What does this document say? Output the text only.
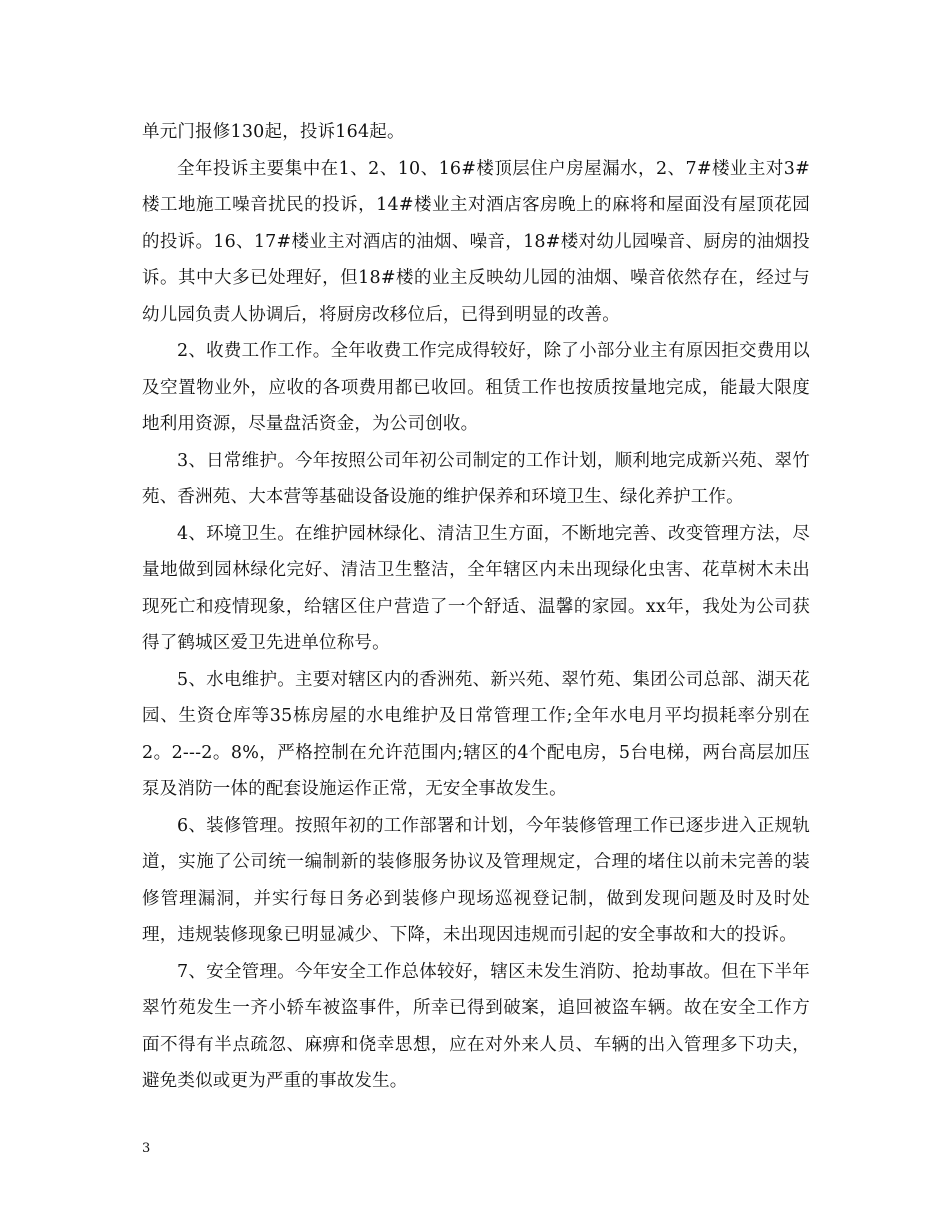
单元门报修130起，投诉164起。

全年投诉主要集中在1、2、10、16#楼顶层住户房屋漏水，2、7#楼业主对3#楼工地施工噪音扰民的投诉，14#楼业主对酒店客房晚上的麻将和屋面没有屋顶花园的投诉。16、17#楼业主对酒店的油烟、噪音，18#楼对幼儿园噪音、厨房的油烟投诉。其中大多已处理好，但18#楼的业主反映幼儿园的油烟、噪音依然存在，经过与幼儿园负责人协调后，将厨房改移位后，已得到明显的改善。

2、收费工作工作。全年收费工作完成得较好，除了小部分业主有原因拒交费用以及空置物业外，应收的各项费用都已收回。租赁工作也按质按量地完成，能最大限度地利用资源，尽量盘活资金，为公司创收。

3、日常维护。今年按照公司年初公司制定的工作计划，顺利地完成新兴苑、翠竹苑、香洲苑、大本营等基础设备设施的维护保养和环境卫生、绿化养护工作。

4、环境卫生。在维护园林绿化、清洁卫生方面，不断地完善、改变管理方法，尽量地做到园林绿化完好、清洁卫生整洁，全年辖区内未出现绿化虫害、花草树木未出现死亡和疫情现象，给辖区住户营造了一个舒适、温馨的家园。xx年，我处为公司获得了鹤城区爱卫先进单位称号。

5、水电维护。主要对辖区内的香洲苑、新兴苑、翠竹苑、集团公司总部、湖天花园、生资仓库等35栋房屋的水电维护及日常管理工作;全年水电月平均损耗率分别在2。2---2。8%，严格控制在允许范围内;辖区的4个配电房，5台电梯，两台高层加压泵及消防一体的配套设施运作正常，无安全事故发生。

6、装修管理。按照年初的工作部署和计划，今年装修管理工作已逐步进入正规轨道，实施了公司统一编制新的装修服务协议及管理规定，合理的堵住以前未完善的装修管理漏洞，并实行每日务必到装修户现场巡视登记制，做到发现问题及时及时处理，违规装修现象已明显减少、下降，未出现因违规而引起的安全事故和大的投诉。

7、安全管理。今年安全工作总体较好，辖区未发生消防、抢劫事故。但在下半年翠竹苑发生一齐小轿车被盗事件，所幸已得到破案，追回被盗车辆。故在安全工作方面不得有半点疏忽、麻痹和侥幸思想，应在对外来人员、车辆的出入管理多下功夫，避免类似或更为严重的事故发生。

3
